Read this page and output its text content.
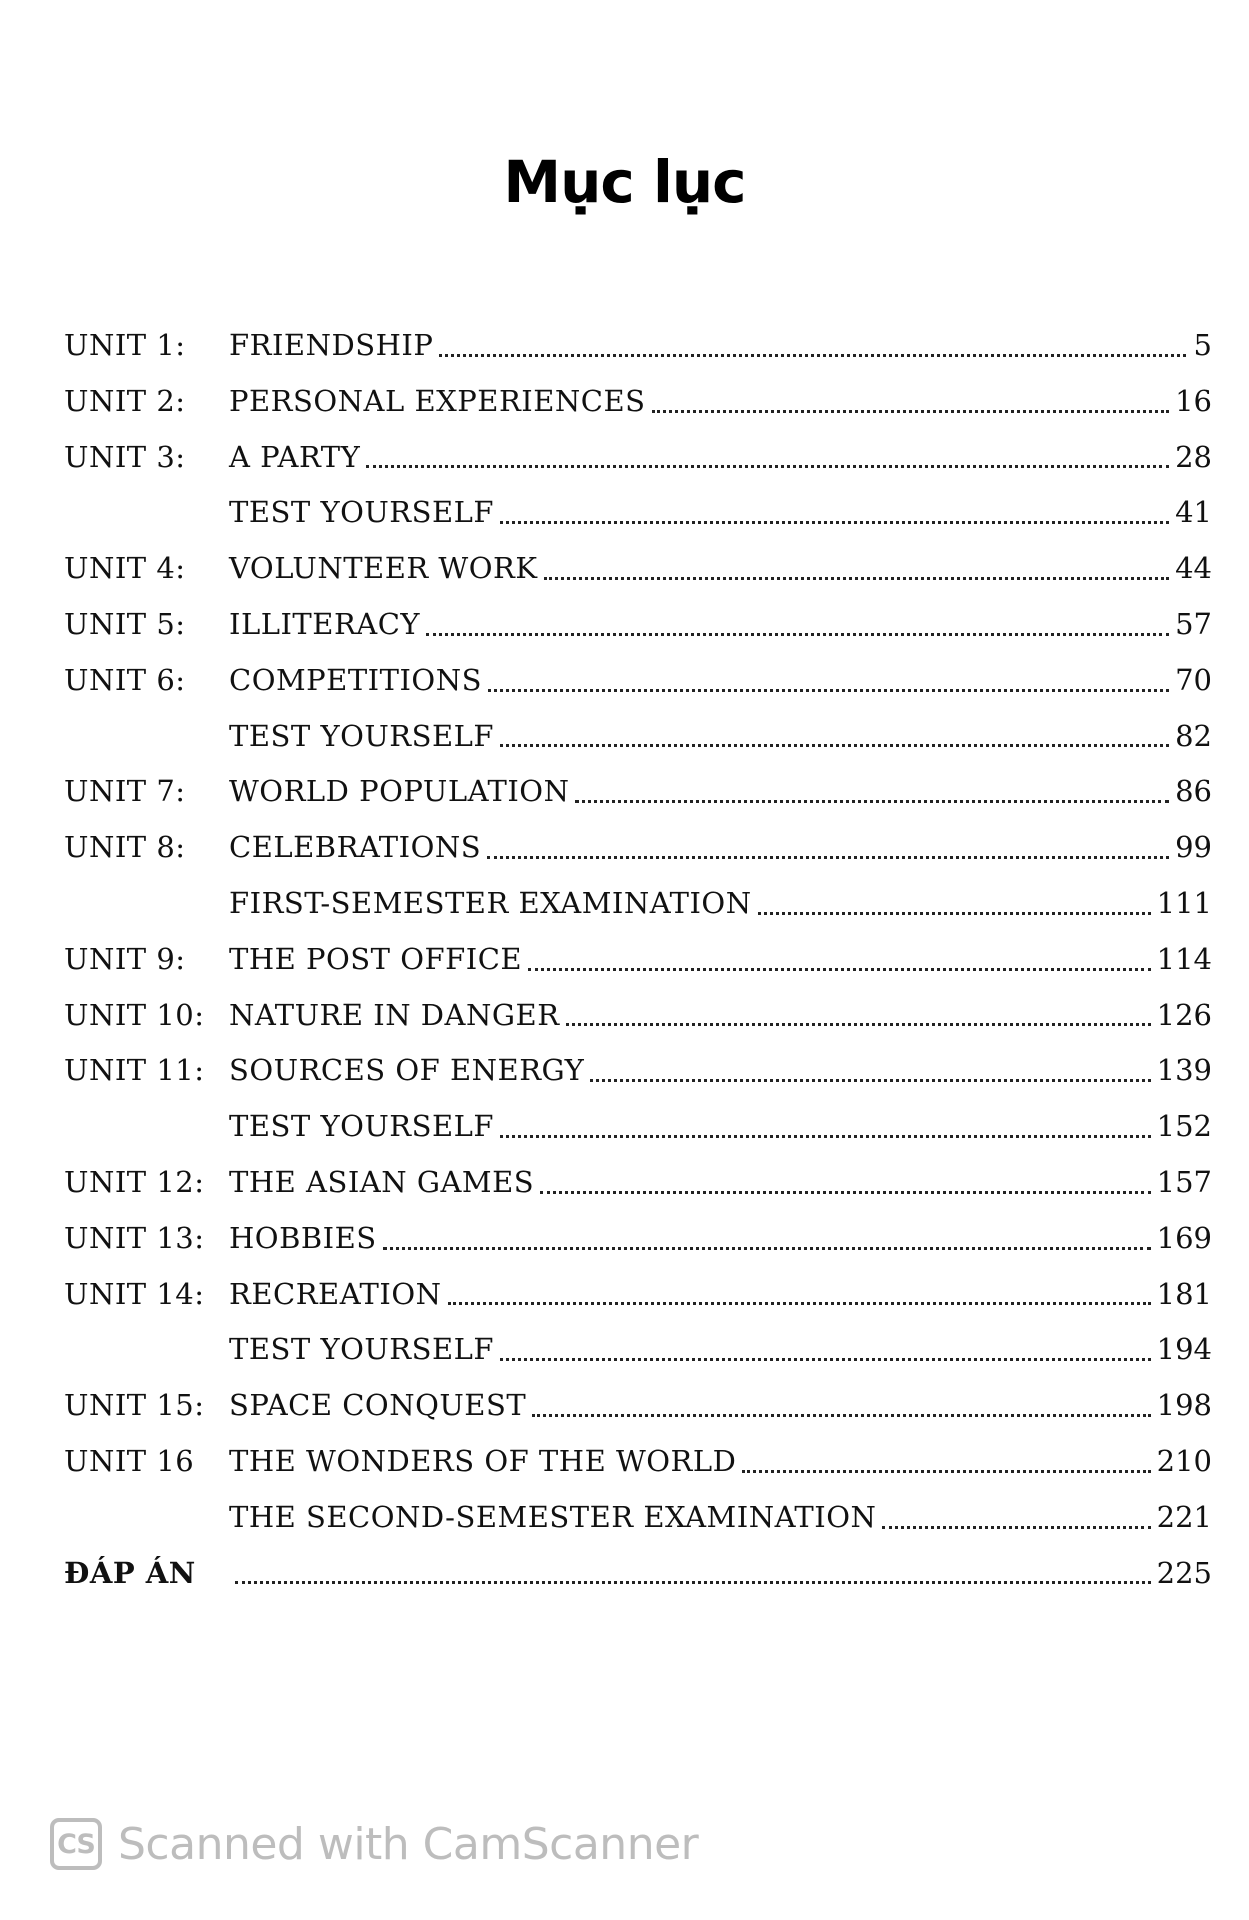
Mục lục
UNIT 1:	FRIENDSHIP	5
UNIT 2:	PERSONAL EXPERIENCES	16
UNIT 3:	A PARTY	28
TEST YOURSELF	41
UNIT 4:	VOLUNTEER WORK	44
UNIT 5:	ILLITERACY	57
UNIT 6:	COMPETITIONS	70
TEST YOURSELF	82
UNIT 7:	WORLD POPULATION	86
UNIT 8:	CELEBRATIONS	99
FIRST-SEMESTER EXAMINATION	111
UNIT 9:	THE POST OFFICE	114
UNIT 10: NATURE IN DANGER	126
UNIT 11: SOURCES OF ENERGY	139
TEST YOURSELF	152
UNIT 12: THE ASIAN GAMES	157
UNIT 13: HOBBIES	169
UNIT 14: RECREATION	181
TEST YOURSELF	194
UNIT 15: SPACE CONQUEST	198
UNIT 16	THE WONDERS OF THE WORLD	210
THE SECOND-SEMESTER EXAMINATION	221
ĐÁP ÁN	225
CS Scanned with CamScanner
